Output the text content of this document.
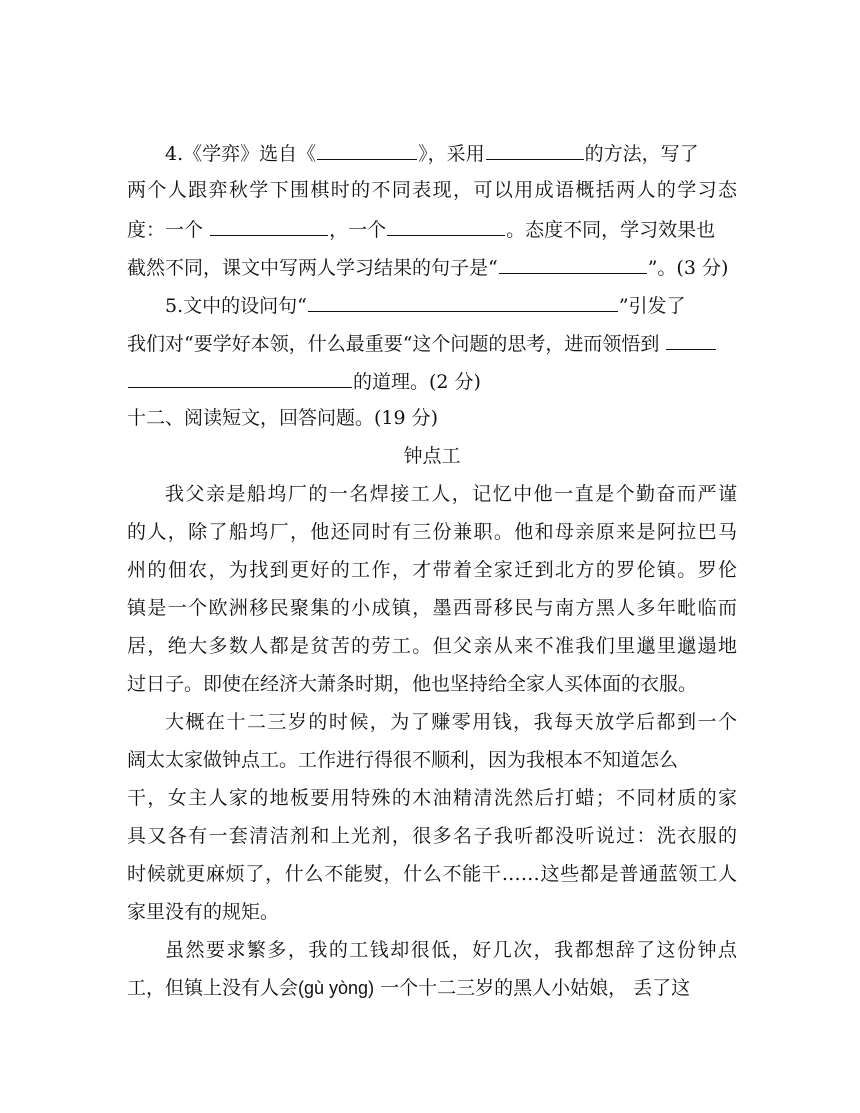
4.《学弈》选自《	》，采用	的方法，写了
两个人跟弈秋学下围棋时的不同表现，可以用成语概括两人的学习态
度：一个	，一个	。态度不同，学习效果也
截然不同，课文中写两人学习结果的句子是“	”。(3 分)
5.文中的设问句“	”引发了
我们对“要学好本领，什么最重要“这个问题的思考，进而领悟到
的道理。(2 分)
十二、阅读短文，回答问题。(19 分)
钟点工
我父亲是船坞厂的一名焊接工人，记忆中他一直是个勤奋而严谨
的人，除了船坞厂，他还同时有三份兼职。他和母亲原来是阿拉巴马
州的佃农，为找到更好的工作，才带着全家迁到北方的罗伦镇。罗伦
镇是一个欧洲移民聚集的小成镇，墨西哥移民与南方黑人多年毗临而
居，绝大多数人都是贫苦的劳工。但父亲从来不准我们里邋里邋遢地
过日子。即使在经济大萧条时期，他也坚持给全家人买体面的衣服。
大概在十二三岁的时候，为了赚零用钱，我每天放学后都到一个
阔太太家做钟点工。工作进行得很不顺利，因为我根本不知道怎么
干，女主人家的地板要用特殊的木油精清洗然后打蜡；不同材质的家
具又各有一套清洁剂和上光剂，很多名子我听都没听说过：洗衣服的
时候就更麻烦了，什么不能熨，什么不能干……这些都是普通蓝领工人
家里没有的规矩。
虽然要求繁多，我的工钱却很低，好几次，我都想辞了这份钟点
工，但镇上没有人会(gù yòng) 一个十二三岁的黑人小姑娘， 丢了这
